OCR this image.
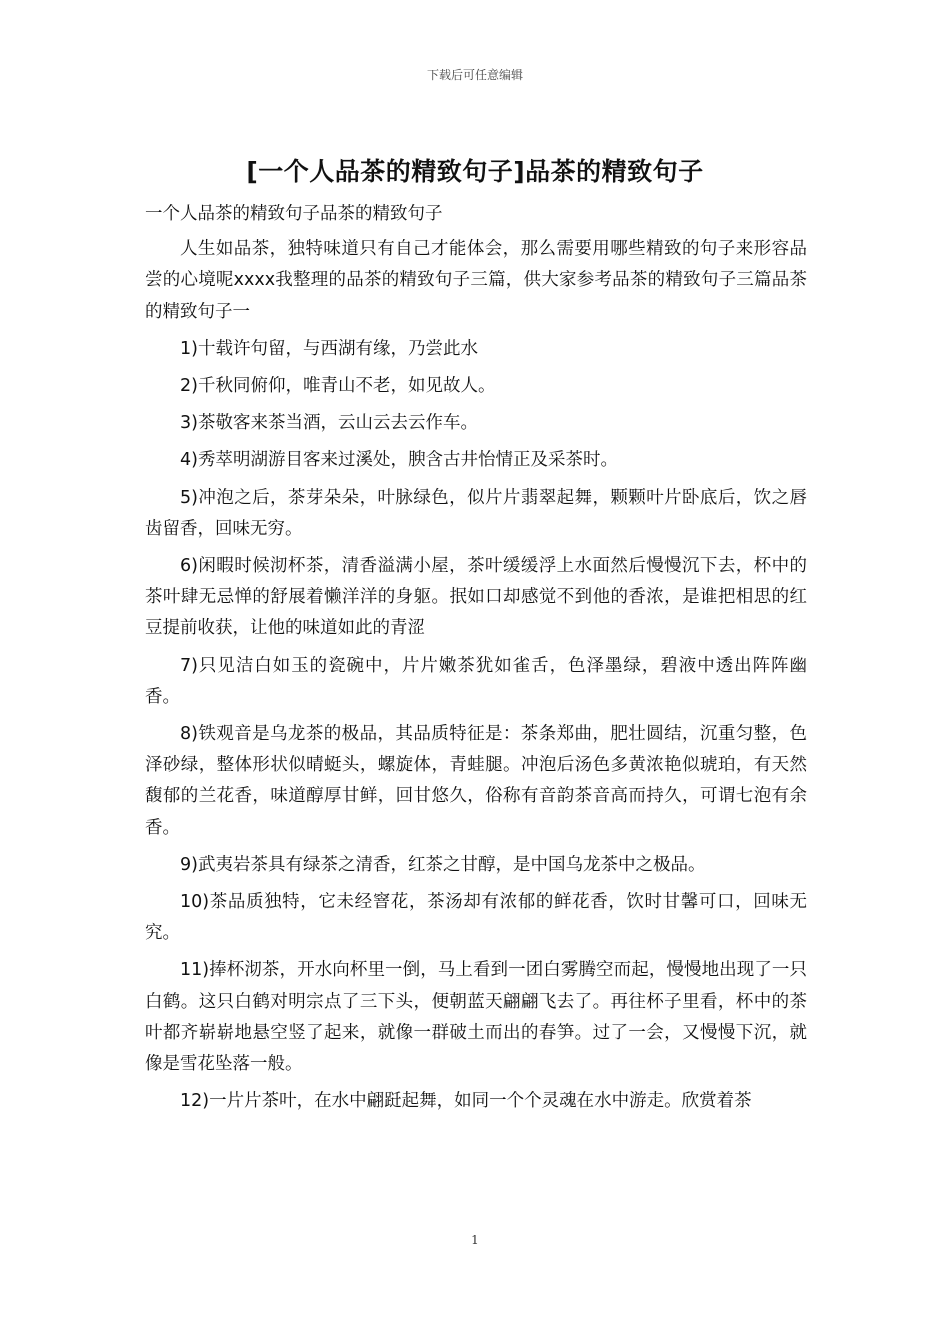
下载后可任意编辑
[一个人品茶的精致句子]品茶的精致句子

一个人品茶的精致句子品茶的精致句子

人生如品茶，独特味道只有自己才能体会，那么需要用哪些精致的句子来形容品尝的心境呢xxxx我整理的品茶的精致句子三篇，供大家参考品茶的精致句子三篇品茶的精致句子一

1)十载许句留，与西湖有缘，乃尝此水

2)千秋同俯仰，唯青山不老，如见故人。

3)茶敬客来茶当酒，云山云去云作车。

4)秀萃明湖游目客来过溪处，腴含古井怡情正及采茶时。

5)冲泡之后，茶芽朵朵，叶脉绿色，似片片翡翠起舞，颗颗叶片卧底后，饮之唇齿留香，回味无穷。

6)闲暇时候沏杯茶，清香溢满小屋，茶叶缓缓浮上水面然后慢慢沉下去，杯中的茶叶肆无忌惮的舒展着懒洋洋的身躯。抿如口却感觉不到他的香浓，是谁把相思的红豆提前收获，让他的味道如此的青涩

7)只见洁白如玉的瓷碗中，片片嫩茶犹如雀舌，色泽墨绿，碧液中透出阵阵幽香。

8)铁观音是乌龙茶的极品，其品质特征是：茶条郑曲，肥壮圆结，沉重匀整，色泽砂绿，整体形状似晴蜓头，螺旋体，青蛙腿。冲泡后汤色多黄浓艳似琥珀，有天然馥郁的兰花香，味道醇厚甘鲜，回甘悠久，俗称有音韵茶音高而持久，可谓七泡有余香。

9)武夷岩茶具有绿茶之清香，红茶之甘醇，是中国乌龙茶中之极品。

10)茶品质独特，它未经窨花，茶汤却有浓郁的鲜花香，饮时甘馨可口，回味无究。

11)捧杯沏茶，开水向杯里一倒，马上看到一团白雾腾空而起，慢慢地出现了一只白鹤。这只白鹤对明宗点了三下头，便朝蓝天翩翩飞去了。再往杯子里看，杯中的茶叶都齐崭崭地悬空竖了起来，就像一群破土而出的春笋。过了一会，又慢慢下沉，就像是雪花坠落一般。

12)一片片茶叶，在水中翩跹起舞，如同一个个灵魂在水中游走。欣赏着茶

1
